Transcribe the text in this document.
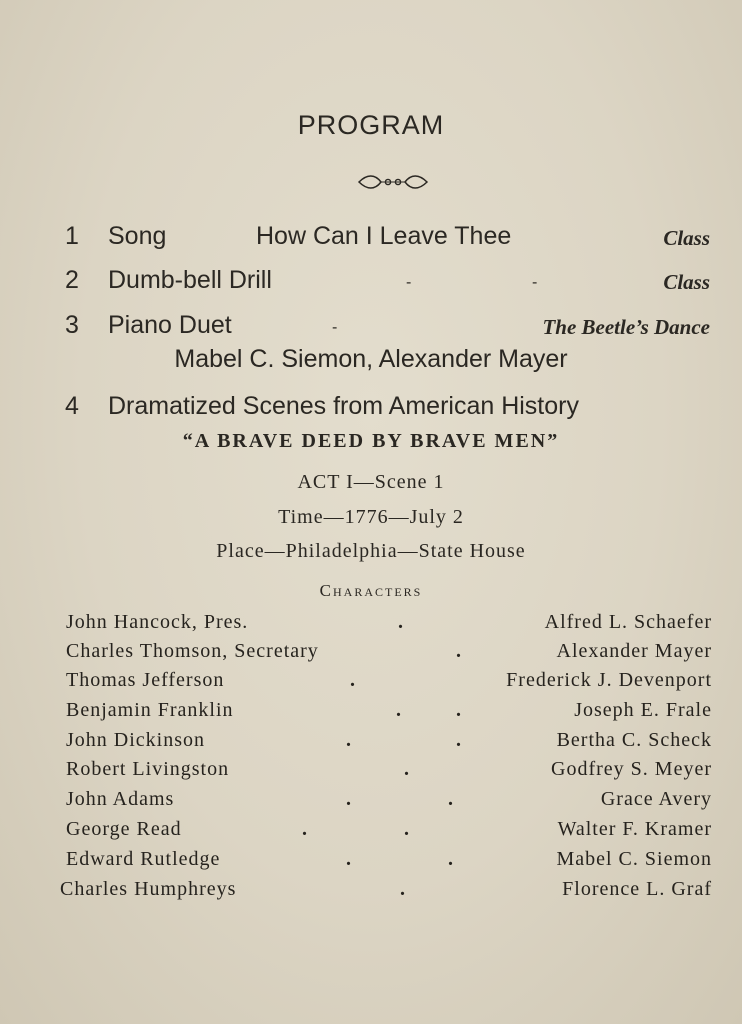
PROGRAM
1 Song	How Can I Leave Thee	Class
2 Dumb-bell Drill	-	-	Class
3 Piano Duet	-	The Beetle’s Dance
Mabel C. Siemon, Alexander Mayer
4 Dramatized Scenes from American History
“A BRAVE DEED BY BRAVE MEN”
ACT I—Scene 1
Time—1776—July 2
Place—Philadelphia—State House
Characters
John Hancock, Pres.	.	Alfred L. Schaefer
Charles Thomson, Secretary	.	Alexander Mayer
Thomas Jefferson	.	Frederick J. Devenport
Benjamin Franklin	.	.	Joseph E. Frale
John Dickinson	.	.	Bertha C. Scheck
Robert Livingston	.	Godfrey S. Meyer
John Adams	.	.	Grace Avery
George Read	.	.	Walter F. Kramer
Edward Rutledge	.	.	Mabel C. Siemon
Charles Humphreys	.	Florence L. Graf
